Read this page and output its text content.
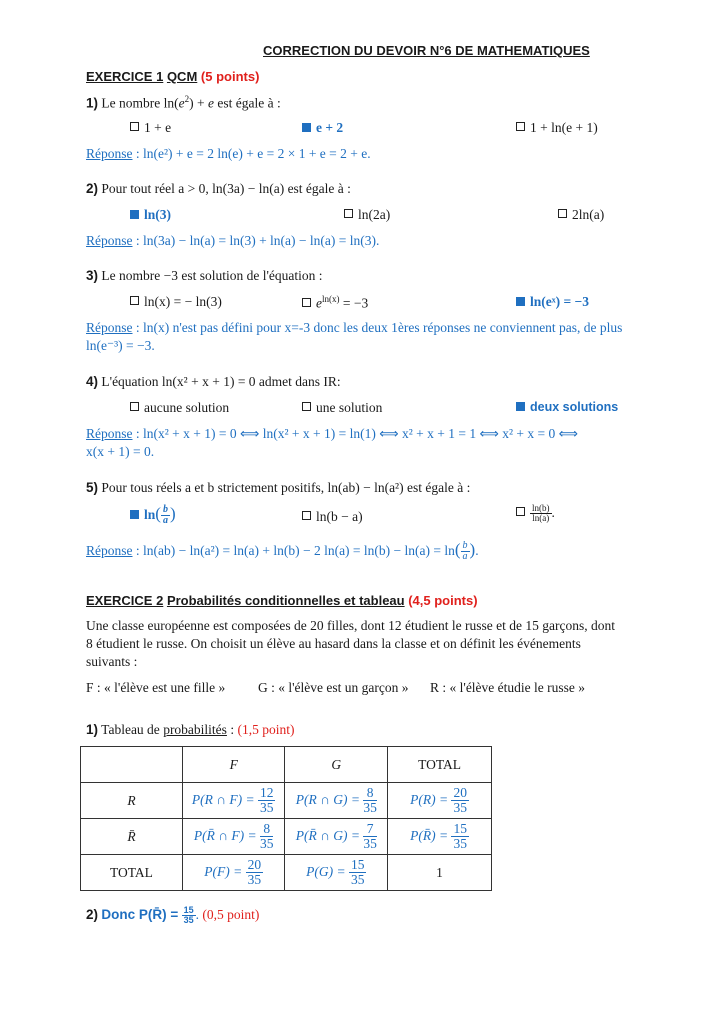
CORRECTION DU DEVOIR N°6 DE MATHEMATIQUES
EXERCICE 1 QCM (5 points)
1) Le nombre $\ln(e^2) + e$ est égale à :
1 + e	e + 2	1 + ln(e + 1)
Réponse : ln(e²) + e = 2 ln(e) + e = 2 × 1 + e = 2 + e.
2) Pour tout réel a > 0, ln(3a) − ln(a) est égale à :
ln(3)	ln(2a)	2ln(a)
Réponse : ln(3a) − ln(a) = ln(3) + ln(a) − ln(a) = ln(3).
3) Le nombre −3 est solution de l'équation :
ln(x) = − ln(3)	$e^{ln(x)} = -3$	ln(eˣ) = −3
Réponse : ln(x) n'est pas défini pour x=-3 donc les deux 1ères réponses ne conviennent pas, de plus
ln(e⁻³) = −3.
4) L'équation ln(x² + x + 1) = 0 admet dans IR:
aucune solution	une solution	deux solutions
Réponse : ln(x² + x + 1) = 0 ⟺ ln(x² + x + 1) = ln(1) ⟺ x² + x + 1 = 1 ⟺ x² + x = 0 ⟺
x(x + 1) = 0.
5) Pour tous réels a et b strictement positifs, ln(ab) − ln(a²) est égale à :
$\ln( \frac{b}{a}$ )	ln(b − a)	$\frac{\ln(b)}{\ln(a)}$ .
Réponse : ln(ab) − ln(a²) = ln(a) + ln(b) − 2 $\ln(a) = \ln(b) - \ln(a) = \ln( \frac{b}{a}$ ).
EXERCICE 2 Probabilités conditionnelles et tableau (4,5 points)
Une classe européenne est composées de 20 filles, dont 12 étudient le russe et de 15 garçons, dont
8 étudient le russe. On choisit un élève au hasard dans la classe et on définit les événements
suivants :
F : « l'élève est une fille » G : « l'élève est un garçon » R : « l'élève étudie le russe »
1) Tableau de probabilités : (1,5 point)
	F	G	TOTAL
R	P(R ∩ $F) = \frac{12}{35}$	P(R ∩ $G) = \frac{8}{35}$	$P(R) = \frac{20}{35}$

R̄	P(R̄ ∩ $F) = \frac{8}{35}$	P(R̄ ∩ $G) = \frac{7}{35}$	P(R̄) = $\frac{15}{35}$

TOTAL	$P(F) = \frac{20}{35}$	$P(G) = \frac{15}{35}$	1
2) Donc P(R̄) = $\frac{15}{35}$ . (0,5 point)
